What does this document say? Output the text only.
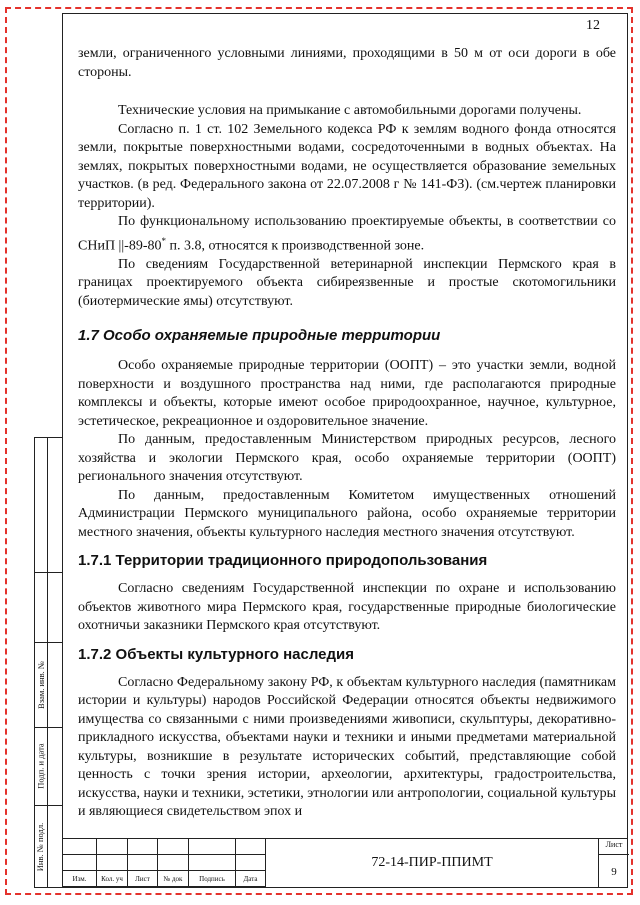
Взам. инв. №
Подп. и дата
Инв. № подл.
12

земли, ограниченного условными линиями, проходящими в 50 м от оси дороги в обе стороны.

Технические условия на примыкание с автомобильными дорогами получены.

Согласно п. 1 ст. 102 Земельного кодекса РФ к землям водного фонда относятся земли, покрытые поверхностными водами, сосредоточенными в водных объектах. На землях, покрытых поверхностными водами, не осуществляется образование земельных участков. (в ред. Федерального закона от 22.07.2008 г № 141-ФЗ). (см.чертеж планировки территории).

По функциональному использованию проектируемые объекты, в соответствии со СНиП ||-89-80* п. 3.8, относятся к производственной зоне.

По сведениям Государственной ветеринарной инспекции Пермского края в границах проектируемого объекта сибиреязвенные и простые скотомогильники (биотермические ямы) отсутствуют.

1.7 Особо охраняемые природные территории

Особо охраняемые природные территории (ООПТ) – это участки земли, водной поверхности и воздушного пространства над ними, где располагаются природные комплексы и объекты, которые имеют особое природоохранное, научное, культурное, эстетическое, рекреационное и оздоровительное значение.

По данным, предоставленным Министерством природных ресурсов, лесного хозяйства и экологии Пермского края, особо охраняемые территории (ООПТ) регионального значения отсутствуют.

По данным, предоставленным Комитетом имущественных отношений Администрации Пермского муниципального района, особо охраняемые территории местного значения, объекты культурного наследия местного значения отсутствуют.

1.7.1 Территории традиционного природопользования

Согласно сведениям Государственной инспекции по охране и использованию объектов животного мира Пермского края, государственные природные биологические охотничьи заказники Пермского края отсутствуют.

1.7.2 Объекты культурного наследия

Согласно Федеральному закону РФ, к объектам культурного наследия (памятникам истории и культуры) народов Российской Федерации относятся объекты недвижимого имущества со связанными с ними произведениями живописи, скульптуры, декоративно-прикладного искусства, объектами науки и техники и иными предметами материальной культуры, возникшие в результате исторических событий, представляющие собой ценность с точки зрения истории, археологии, архитектуры, градостроительства, искусства, науки и техники, эстетики, этнологии или антропологии, социальной культуры и являющиеся свидетельством эпох и

Изм.	Кол. уч	Лист	№ док	Подпись	Дата
72-14-ПИР-ППИМТ
Лист
9
